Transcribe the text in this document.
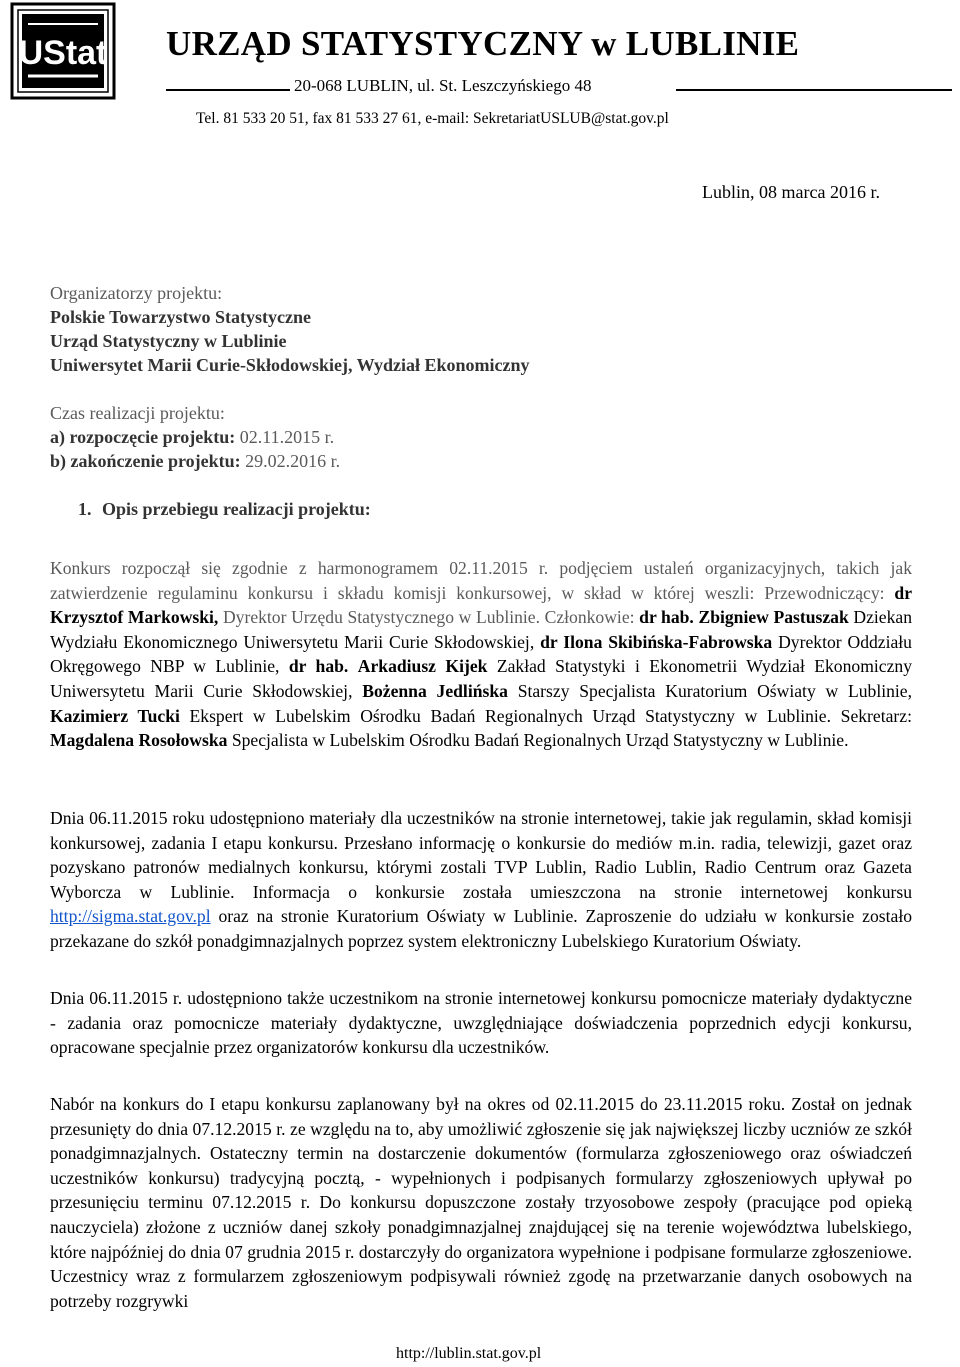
UStat URZĄD STATYSTYCZNY w LUBLINIE
20-068 LUBLIN, ul. St. Leszczyńskiego 48
Tel. 81 533 20 51, fax 81 533 27 61, e-mail: SekretariatUSLUB@stat.gov.pl
Lublin, 08 marca 2016 r.
Organizatorzy projektu:
Polskie Towarzystwo Statystyczne
Urząd Statystyczny w Lublinie
Uniwersytet Marii Curie-Skłodowskiej, Wydział Ekonomiczny
Czas realizacji projektu:
a) rozpoczęcie projektu: 02.11.2015 r.
b) zakończenie projektu: 29.02.2016 r.
1. Opis przebiegu realizacji projektu:

Konkurs rozpoczął się zgodnie z harmonogramem 02.11.2015 r. podjęciem ustaleń organizacyjnych, takich jak zatwierdzenie regulaminu konkursu i składu komisji konkursowej, w skład w której weszli: Przewodniczący: dr Krzysztof Markowski, Dyrektor Urzędu Statystycznego w Lublinie. Członkowie: dr hab. Zbigniew Pastuszak Dziekan Wydziału Ekonomicznego Uniwersytetu Marii Curie Skłodowskiej, dr Ilona Skibińska-Fabrowska Dyrektor Oddziału Okręgowego NBP w Lublinie, dr hab. Arkadiusz Kijek Zakład Statystyki i Ekonometrii Wydział Ekonomiczny Uniwersytetu Marii Curie Skłodowskiej, Bożenna Jedlińska Starszy Specjalista Kuratorium Oświaty w Lublinie, Kazimierz Tucki Ekspert w Lubelskim Ośrodku Badań Regionalnych Urząd Statystyczny w Lublinie. Sekretarz: Magdalena Rosołowska Specjalista w Lubelskim Ośrodku Badań Regionalnych Urząd Statystyczny w Lublinie.

Dnia 06.11.2015 roku udostępniono materiały dla uczestników na stronie internetowej, takie jak regulamin, skład komisji konkursowej, zadania I etapu konkursu. Przesłano informację o konkursie do mediów m.in. radia, telewizji, gazet oraz pozyskano patronów medialnych konkursu, którymi zostali TVP Lublin, Radio Lublin, Radio Centrum oraz Gazeta Wyborcza w Lublinie. Informacja o konkursie została umieszczona na stronie internetowej konkursu http://sigma.stat.gov.pl oraz na stronie Kuratorium Oświaty w Lublinie. Zaproszenie do udziału w konkursie zostało przekazane do szkół ponadgimnazjalnych poprzez system elektroniczny Lubelskiego Kuratorium Oświaty.

Dnia 06.11.2015 r. udostępniono także uczestnikom na stronie internetowej konkursu pomocnicze materiały dydaktyczne - zadania oraz pomocnicze materiały dydaktyczne, uwzględniające doświadczenia poprzednich edycji konkursu, opracowane specjalnie przez organizatorów konkursu dla uczestników.
Nabór na konkurs do I etapu konkursu zaplanowany był na okres od 02.11.2015 do 23.11.2015 roku. Został on jednak przesunięty do dnia 07.12.2015 r. ze względu na to, aby umożliwić zgłoszenie się jak największej liczby uczniów ze szkół ponadgimnazjalnych. Ostateczny termin na dostarczenie dokumentów (formularza zgłoszeniowego oraz oświadczeń uczestników konkursu) tradycyjną pocztą, - wypełnionych i podpisanych formularzy zgłoszeniowych upływał po przesunięciu terminu 07.12.2015 r. Do konkursu dopuszczone zostały trzyosobowe zespoły (pracujące pod opieką nauczyciela) złożone z uczniów danej szkoły ponadgimnazjalnej znajdującej się na terenie województwa lubelskiego, które najpóźniej do dnia 07 grudnia 2015 r. dostarczyły do organizatora wypełnione i podpisane formularze zgłoszeniowe. Uczestnicy wraz z formularzem zgłoszeniowym podpisywali również zgodę na przetwarzanie danych osobowych na potrzeby rozgrywki
http://lublin.stat.gov.pl
